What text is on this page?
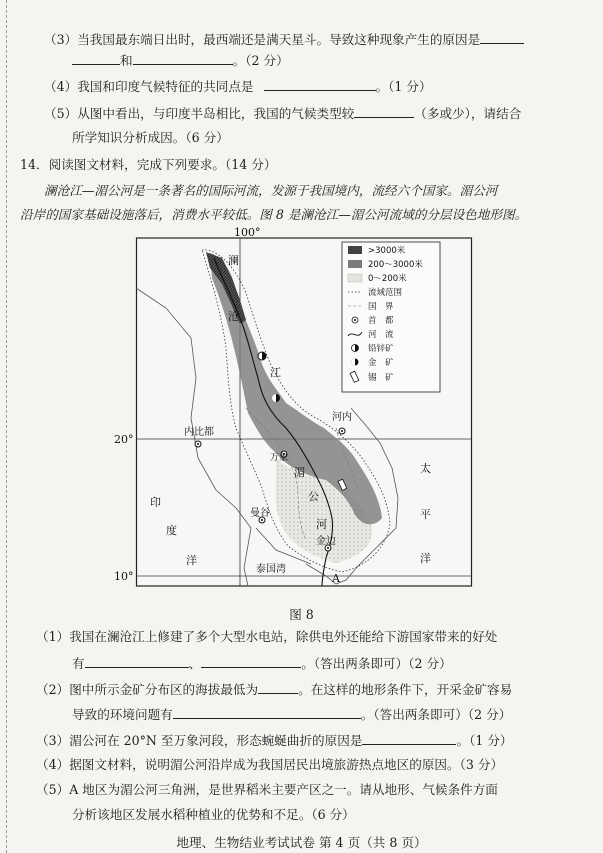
（3）当我国最东端日出时，最西端还是满天星斗。导致这种现象产生的原因是
和	。（2 分）
（4）我国和印度气候特征的共同点是	。（1 分）
（5）从图中看出，与印度半岛相比，我国的气候类型较	（多或少），请结合
所学知识分析成因。（6 分）
14．阅读图文材料，完成下列要求。（14 分）
澜沧江—湄公河是一条著名的国际河流，发源于我国境内，流经六个国家。湄公河
沿岸的国家基础设施落后，消费水平较低。图 8 是澜沧江—湄公河流域的分层设色地形图。
100°
20°
10°
澜
沧
江
河内
内比都
万象
湄
公
河
曼谷
金边
泰国湾
A
印
度
洋
太
平
洋
>3000米
200～3000米
0～200米
流域范围
国　界
首　都
河　流
铅锌矿
金　矿
锡　矿
图 8
（1）我国在澜沧江上修建了多个大型水电站，除供电外还能给下游国家带来的好处
有	、	。（答出两条即可）（2 分）
（2）图中所示金矿分布区的海拔最低为	。在这样的地形条件下，开采金矿容易
导致的环境问题有	。（答出两条即可）（2 分）
（3）湄公河在 20°N 至万象河段，形态蜿蜒曲折的原因是	。（1 分）
（4）据图文材料，说明湄公河沿岸成为我国居民出境旅游热点地区的原因。（3 分）
（5）A 地区为湄公河三角洲，是世界稻米主要产区之一。请从地形、气候条件方面
分析该地区发展水稻种植业的优势和不足。（6 分）
地理、生物结业考试试卷 第 4 页（共 8 页）
